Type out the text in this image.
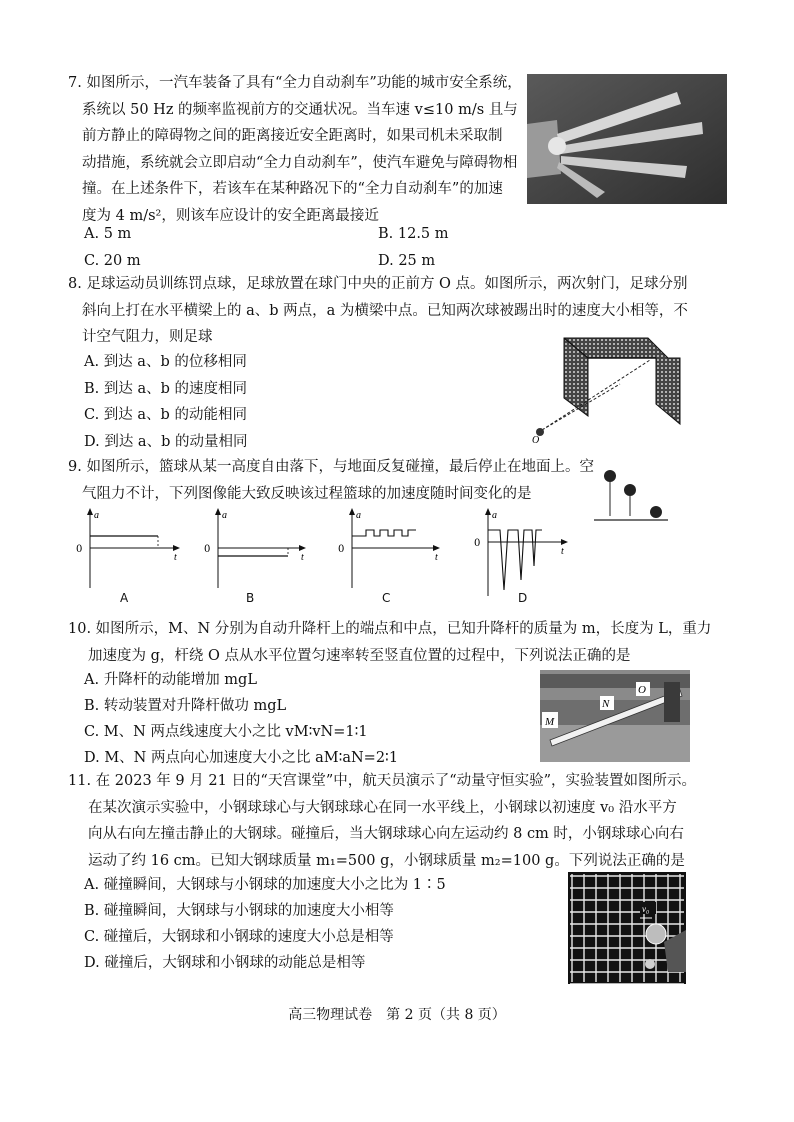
7. 如图所示，一汽车装备了具有“全力自动刹车”功能的城市安全系统，
系统以 50 Hz 的频率监视前方的交通状况。当车速 v≤10 m/s 且与
前方静止的障碍物之间的距离接近安全距离时，如果司机未采取制
动措施，系统就会立即启动“全力自动刹车”，使汽车避免与障碍物相
撞。在上述条件下，若该车在某种路况下的“全力自动刹车”的加速
度为 4 m/s²，则该车应设计的安全距离最接近
A. 5 m	B. 12.5 m
C. 20 m	D. 25 m
8. 足球运动员训练罚点球，足球放置在球门中央的正前方 O 点。如图所示，两次射门，足球分别
斜向上打在水平横梁上的 a、b 两点，a 为横梁中点。已知两次球被踢出时的速度大小相等，不
计空气阻力，则足球
A. 到达 a、b 的位移相同
B. 到达 a、b 的速度相同
C. 到达 a、b 的动能相同
D. 到达 a、b 的动量相同	O
9. 如图所示，篮球从某一高度自由落下，与地面反复碰撞，最后停止在地面上。空
气阻力不计，下列图像能大致反映该过程篮球的加速度随时间变化的是
a
0
t
a
0
t
a
0
t
a
0
t
A	B	C	D
10. 如图所示，M、N 分别为自动升降杆上的端点和中点，已知升降杆的质量为 m，长度为 L，重力
加速度为 g，杆绕 O 点从水平位置匀速率转至竖直位置的过程中，下列说法正确的是
A. 升降杆的动能增加 mgL
B. 转动装置对升降杆做功 mgL
C. M、N 两点线速度大小之比 vM∶vN=1∶1
D. M、N 两点向心加速度大小之比 aM∶aN=2∶1
M
N
O
11. 在 2023 年 9 月 21 日的“天宫课堂”中，航天员演示了“动量守恒实验”，实验装置如图所示。
在某次演示实验中，小钢球球心与大钢球球心在同一水平线上，小钢球以初速度 v₀ 沿水平方
向从右向左撞击静止的大钢球。碰撞后，当大钢球球心向左运动约 8 cm 时，小钢球球心向右
运动了约 16 cm。已知大钢球质量 m₁=500 g，小钢球质量 m₂=100 g。下列说法正确的是
A. 碰撞瞬间，大钢球与小钢球的加速度大小之比为 1∶5
B. 碰撞瞬间，大钢球与小钢球的加速度大小相等
C. 碰撞后，大钢球和小钢球的速度大小总是相等
D. 碰撞后，大钢球和小钢球的动能总是相等
v₀
高三物理试卷　第 2 页（共 8 页）
